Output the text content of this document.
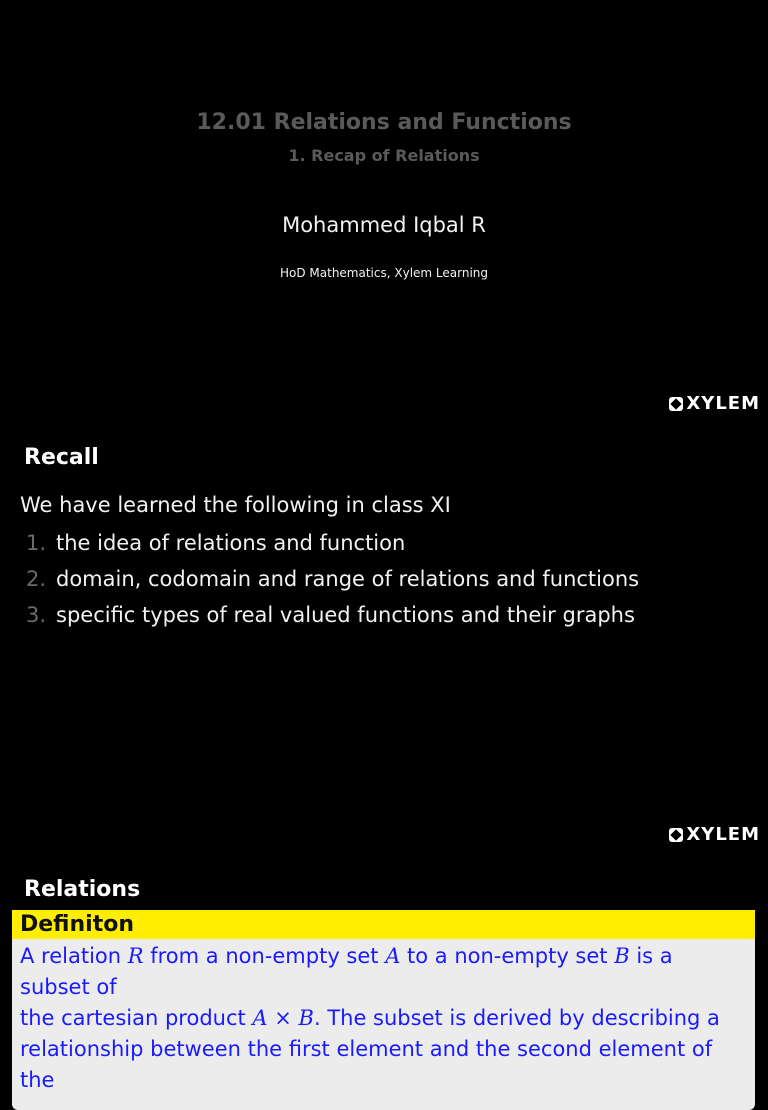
12.01 Relations and Functions
1. Recap of Relations
Mohammed Iqbal R
HoD Mathematics, Xylem Learning
XYLEM
Recall
We have learned the following in class XI
1. the idea of relations and function
2. domain, codomain and range of relations and functions
3. specific types of real valued functions and their graphs
XYLEM
Relations
Definiton
A relation R from a non-empty set A to a non-empty set B is a subset of
the cartesian product A × B. The subset is derived by describing a
relationship between the first element and the second element of the
